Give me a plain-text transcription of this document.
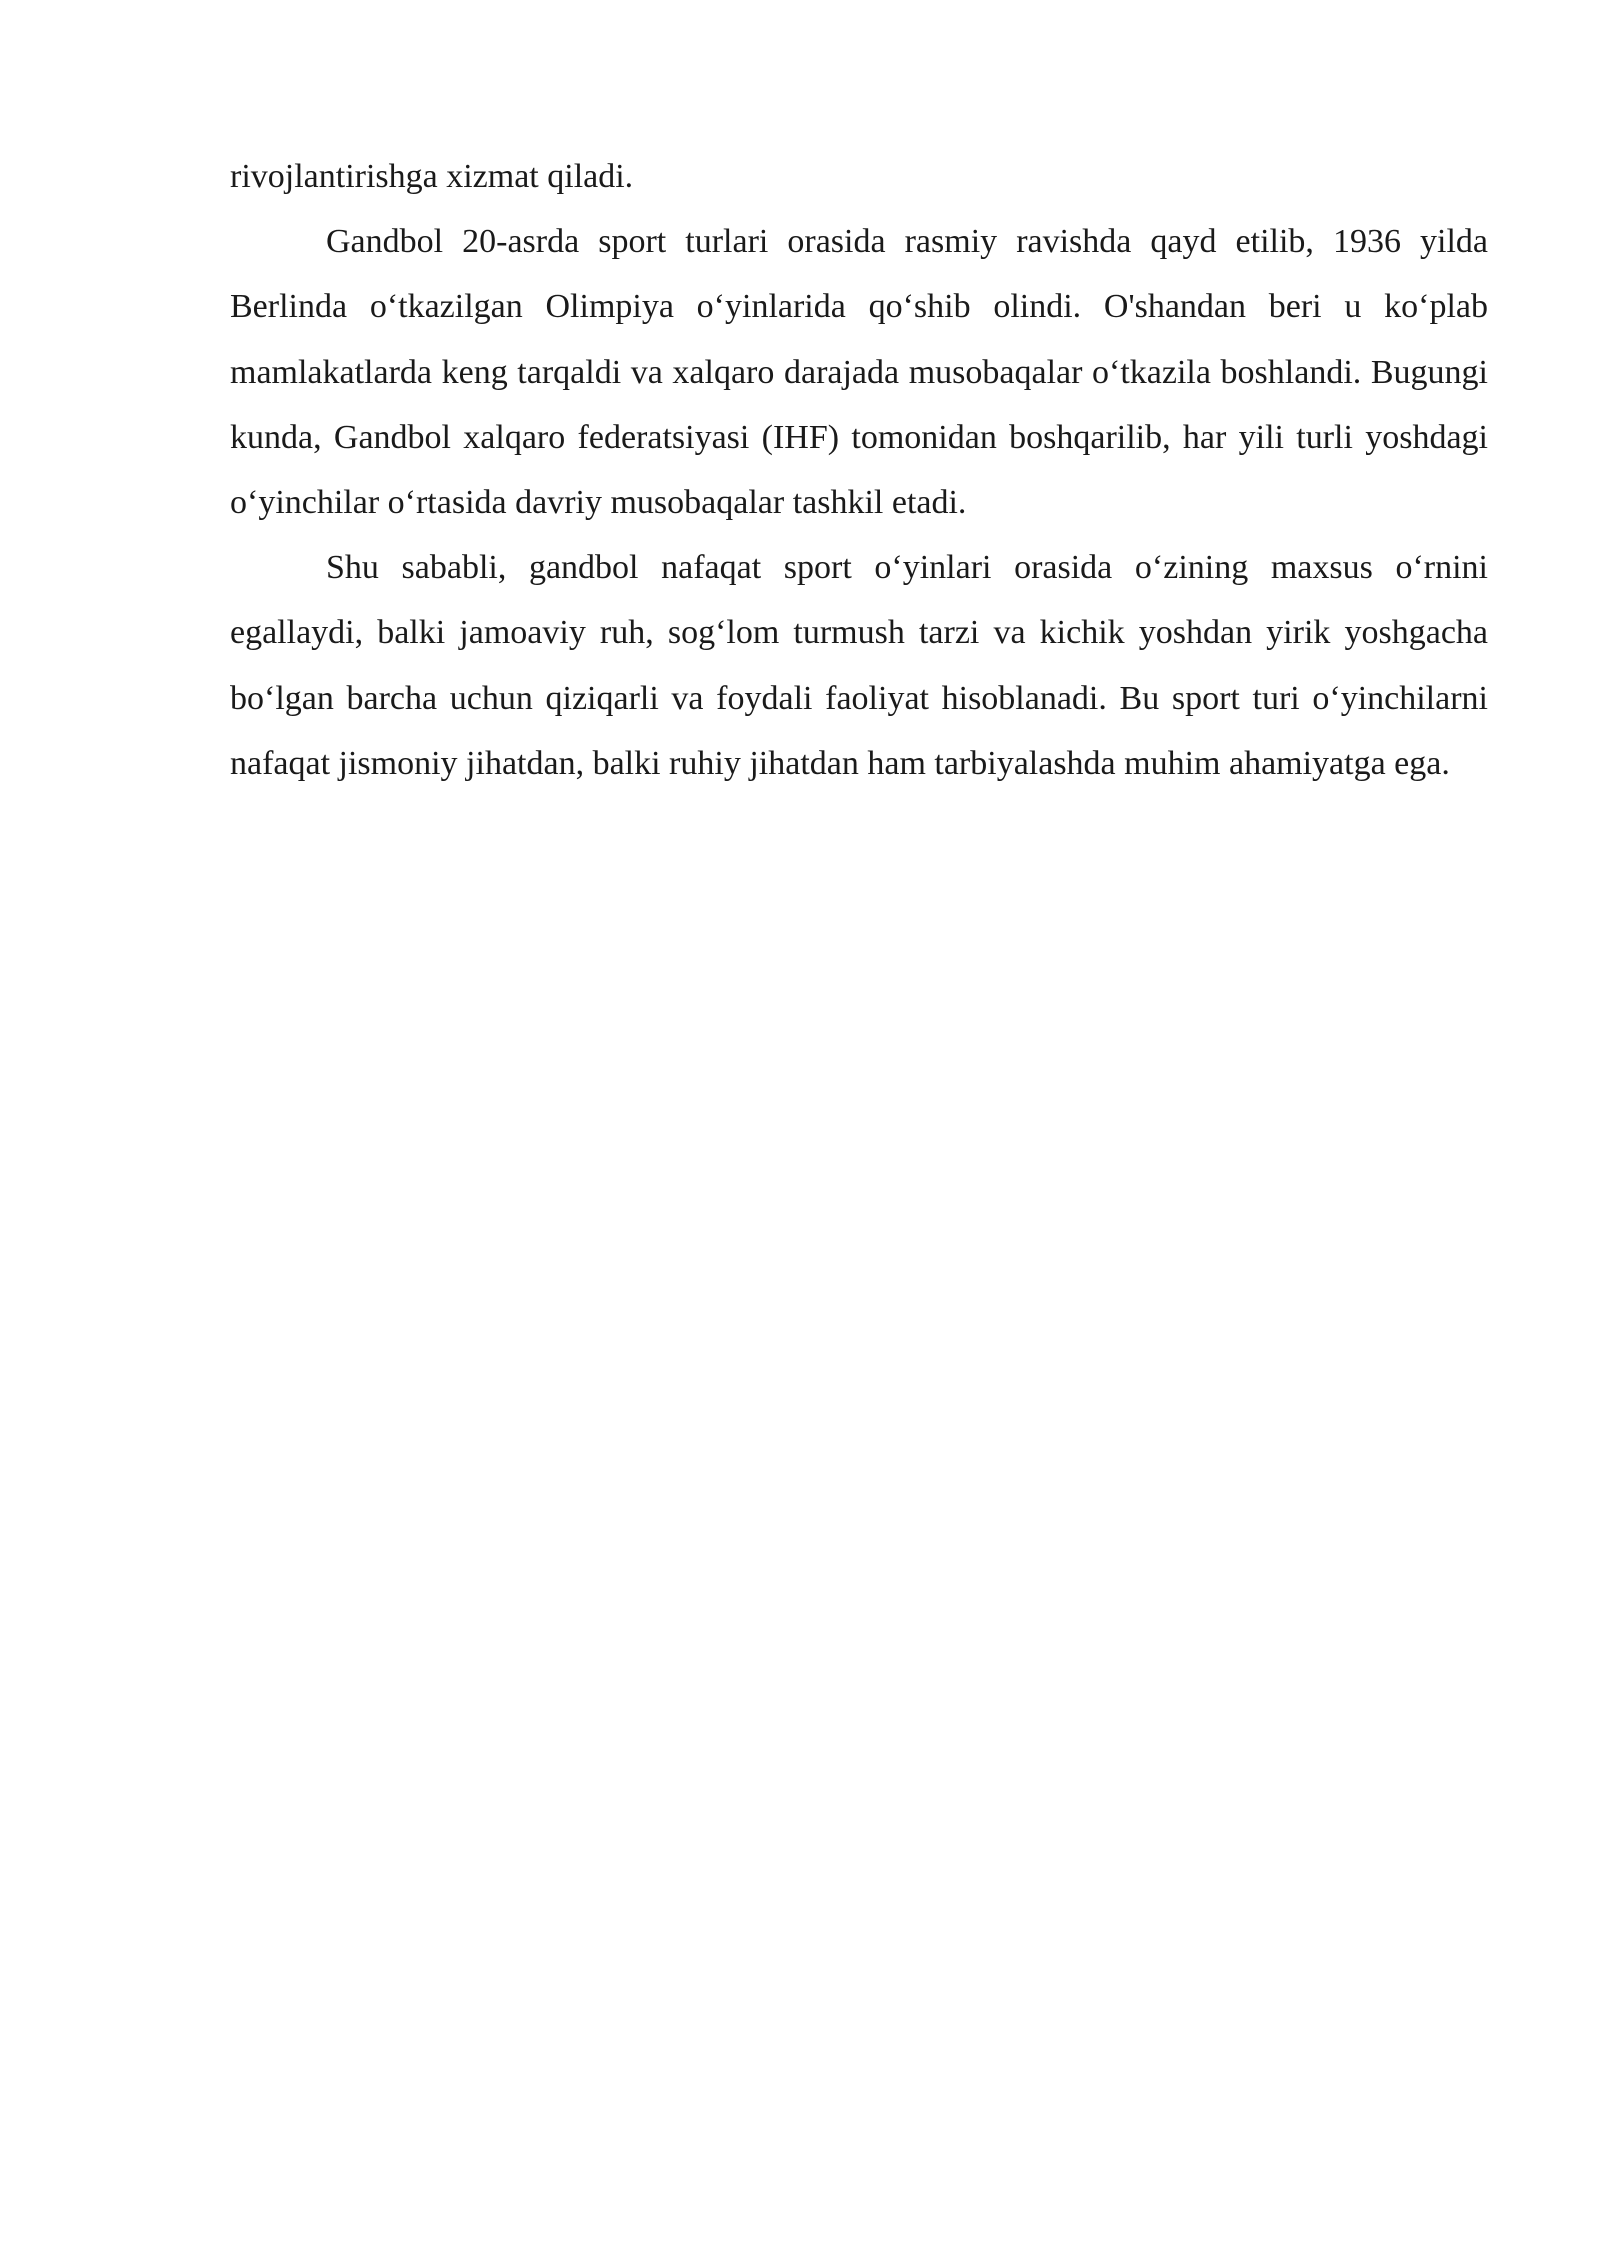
rivojlantirishga xizmat qiladi.

Gandbol 20-asrda sport turlari orasida rasmiy ravishda qayd etilib, 1936 yilda Berlinda o‘tkazilgan Olimpiya o‘yinlarida qo‘shib olindi. O'shandan beri u ko‘plab mamlakatlarda keng tarqaldi va xalqaro darajada musobaqalar o‘tkazila boshlandi. Bugungi kunda, Gandbol xalqaro federatsiyasi (IHF) tomonidan boshqarilib, har yili turli yoshdagi o‘yinchilar o‘rtasida davriy musobaqalar tashkil etadi.

Shu sababli, gandbol nafaqat sport o‘yinlari orasida o‘zining maxsus o‘rnini egallaydi, balki jamoaviy ruh, sog‘lom turmush tarzi va kichik yoshdan yirik yoshgacha bo‘lgan barcha uchun qiziqarli va foydali faoliyat hisoblanadi. Bu sport turi o‘yinchilarni nafaqat jismoniy jihatdan, balki ruhiy jihatdan ham tarbiyalashda muhim ahamiyatga ega.
